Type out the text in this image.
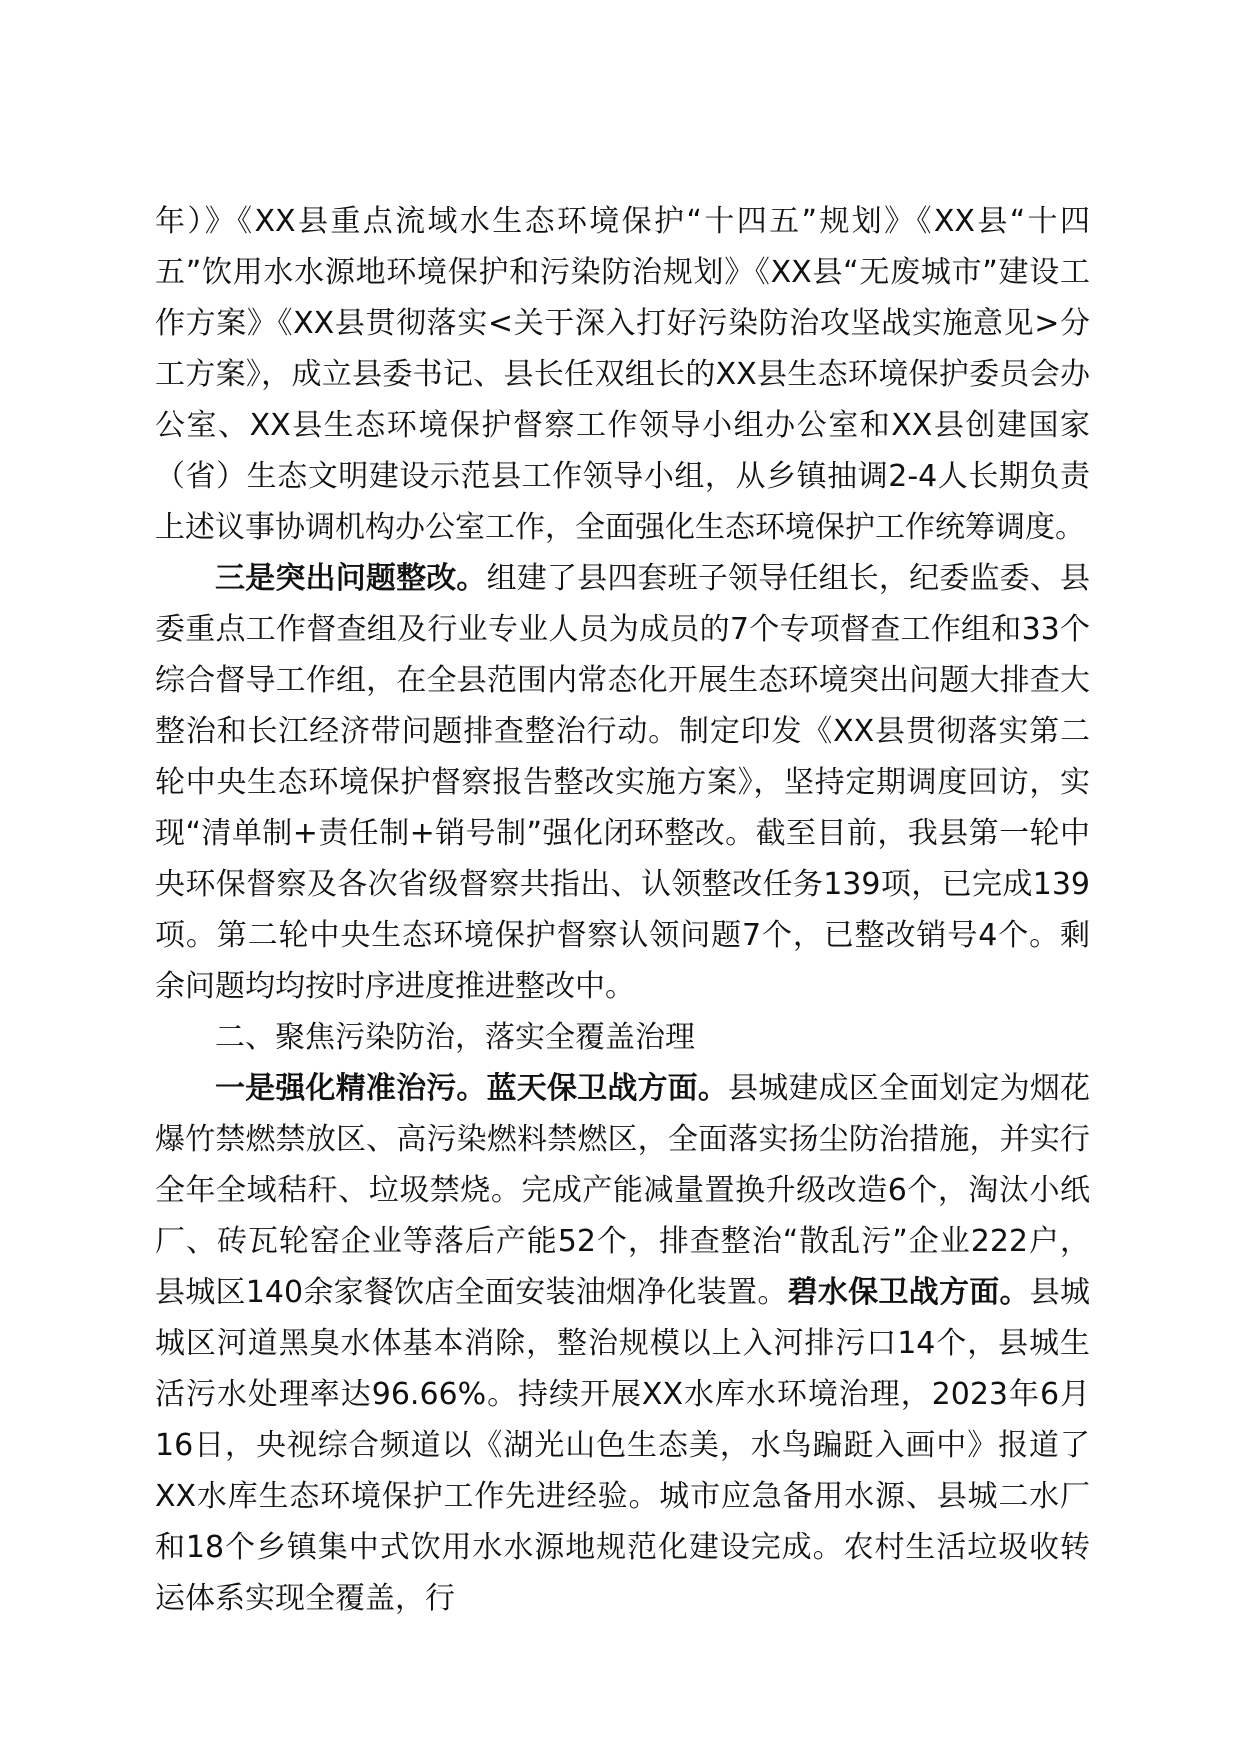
年）》《XX县重点流域水生态环境保护“十四五”规划》《XX县“十四五”饮用水水源地环境保护和污染防治规划》《XX县“无废城市”建设工作方案》《XX县贯彻落实<关于深入打好污染防治攻坚战实施意见>分工方案》，成立县委书记、县长任双组长的XX县生态环境保护委员会办公室、XX县生态环境保护督察工作领导小组办公室和XX县创建国家（省）生态文明建设示范县工作领导小组，从乡镇抽调2-4人长期负责上述议事协调机构办公室工作，全面强化生态环境保护工作统筹调度。

三是突出问题整改。组建了县四套班子领导任组长，纪委监委、县委重点工作督查组及行业专业人员为成员的7个专项督查工作组和33个综合督导工作组，在全县范围内常态化开展生态环境突出问题大排查大整治和长江经济带问题排查整治行动。制定印发《XX县贯彻落实第二轮中央生态环境保护督察报告整改实施方案》，坚持定期调度回访，实现“清单制+责任制+销号制”强化闭环整改。截至目前，我县第一轮中央环保督察及各次省级督察共指出、认领整改任务139项，已完成139项。第二轮中央生态环境保护督察认领问题7个，已整改销号4个。剩余问题均均按时序进度推进整改中。

二、聚焦污染防治，落实全覆盖治理

一是强化精准治污。蓝天保卫战方面。县城建成区全面划定为烟花爆竹禁燃禁放区、高污染燃料禁燃区，全面落实扬尘防治措施，并实行全年全域秸秆、垃圾禁烧。完成产能减量置换升级改造6个，淘汰小纸厂、砖瓦轮窑企业等落后产能52个，排查整治“散乱污”企业222户，县城区140余家餐饮店全面安装油烟净化装置。碧水保卫战方面。县城城区河道黑臭水体基本消除，整治规模以上入河排污口14个，县城生活污水处理率达96.66%。持续开展XX水库水环境治理，2023年6月16日，央视综合频道以《湖光山色生态美，水鸟蹁跹入画中》报道了XX水库生态环境保护工作先进经验。城市应急备用水源、县城二水厂和18个乡镇集中式饮用水水源地规范化建设完成。农村生活垃圾收转运体系实现全覆盖，行
